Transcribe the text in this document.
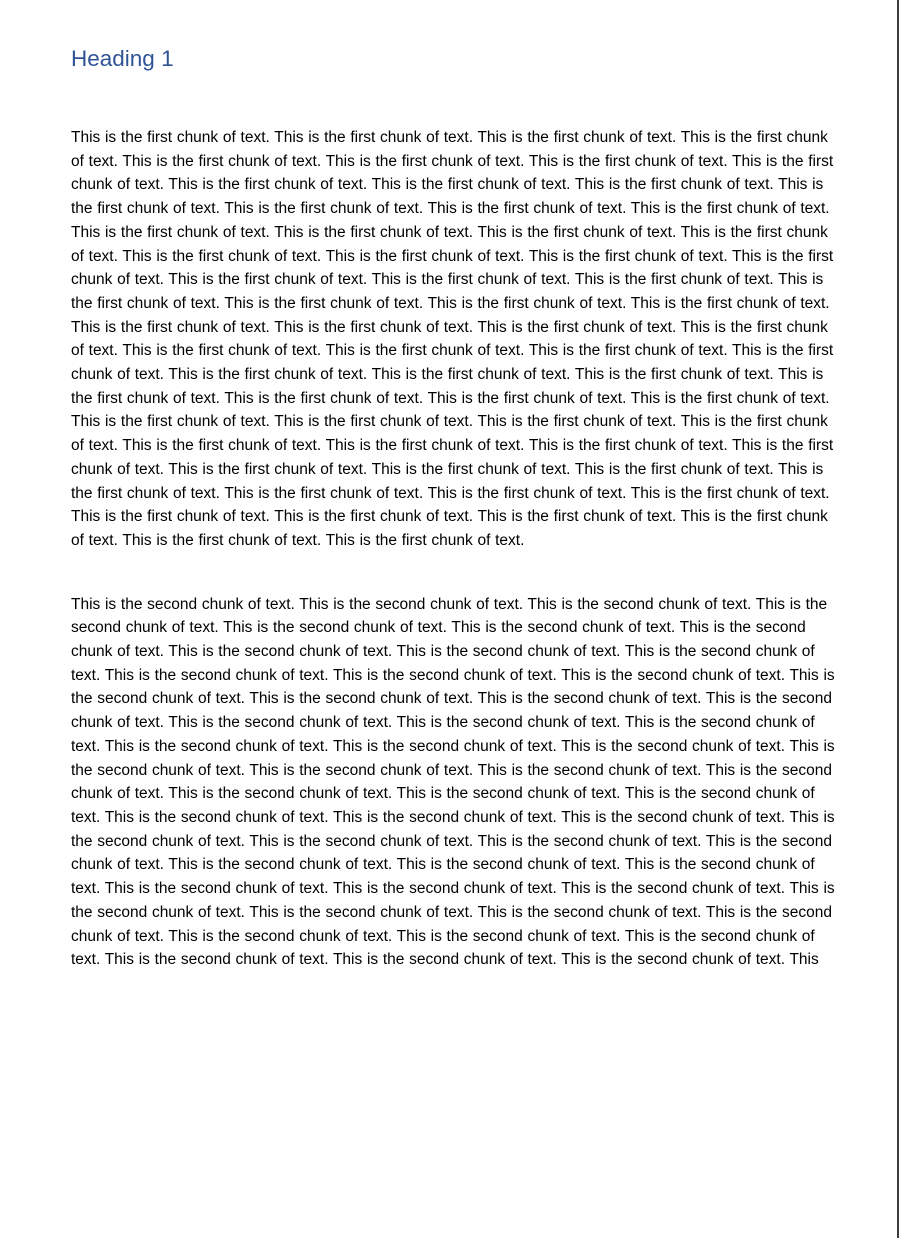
Heading 1

This is the first chunk of text. This is the first chunk of text. This is the first chunk of text. This is the first chunk of text. This is the first chunk of text. This is the first chunk of text. This is the first chunk of text. This is the first chunk of text. This is the first chunk of text. This is the first chunk of text. This is the first chunk of text. This is the first chunk of text. This is the first chunk of text. This is the first chunk of text. This is the first chunk of text. This is the first chunk of text. This is the first chunk of text. This is the first chunk of text. This is the first chunk of text. This is the first chunk of text. This is the first chunk of text. This is the first chunk of text. This is the first chunk of text. This is the first chunk of text. This is the first chunk of text. This is the first chunk of text. This is the first chunk of text. This is the first chunk of text. This is the first chunk of text. This is the first chunk of text. This is the first chunk of text. This is the first chunk of text. This is the first chunk of text. This is the first chunk of text. This is the first chunk of text. This is the first chunk of text. This is the first chunk of text. This is the first chunk of text. This is the first chunk of text. This is the first chunk of text. This is the first chunk of text. This is the first chunk of text. This is the first chunk of text. This is the first chunk of text. This is the first chunk of text. This is the first chunk of text. This is the first chunk of text. This is the first chunk of text. This is the first chunk of text. This is the first chunk of text. This is the first chunk of text. This is the first chunk of text. This is the first chunk of text. This is the first chunk of text. This is the first chunk of text. This is the first chunk of text. This is the first chunk of text. This is the first chunk of text. This is the first chunk of text. This is the first chunk of text. This is the first chunk of text. This is the first chunk of text. This is the first chunk of text. This is the first chunk of text. This is the first chunk of text. This is the first chunk of text.

This is the second chunk of text. This is the second chunk of text. This is the second chunk of text. This is the second chunk of text. This is the second chunk of text. This is the second chunk of text. This is the second chunk of text. This is the second chunk of text. This is the second chunk of text. This is the second chunk of text. This is the second chunk of text. This is the second chunk of text. This is the second chunk of text. This is the second chunk of text. This is the second chunk of text. This is the second chunk of text. This is the second chunk of text. This is the second chunk of text. This is the second chunk of text. This is the second chunk of text. This is the second chunk of text. This is the second chunk of text. This is the second chunk of text. This is the second chunk of text. This is the second chunk of text. This is the second chunk of text. This is the second chunk of text. This is the second chunk of text. This is the second chunk of text. This is the second chunk of text. This is the second chunk of text. This is the second chunk of text. This is the second chunk of text. This is the second chunk of text. This is the second chunk of text. This is the second chunk of text. This is the second chunk of text. This is the second chunk of text. This is the second chunk of text. This is the second chunk of text. This is the second chunk of text. This is the second chunk of text. This is the second chunk of text. This is the second chunk of text. This is the second chunk of text. This is the second chunk of text. This is the second chunk of text. This is the second chunk of text. This is the second chunk of text. This is the second chunk of text. This is the second chunk of text. This is the second chunk of text. This is the second chunk of text. This
